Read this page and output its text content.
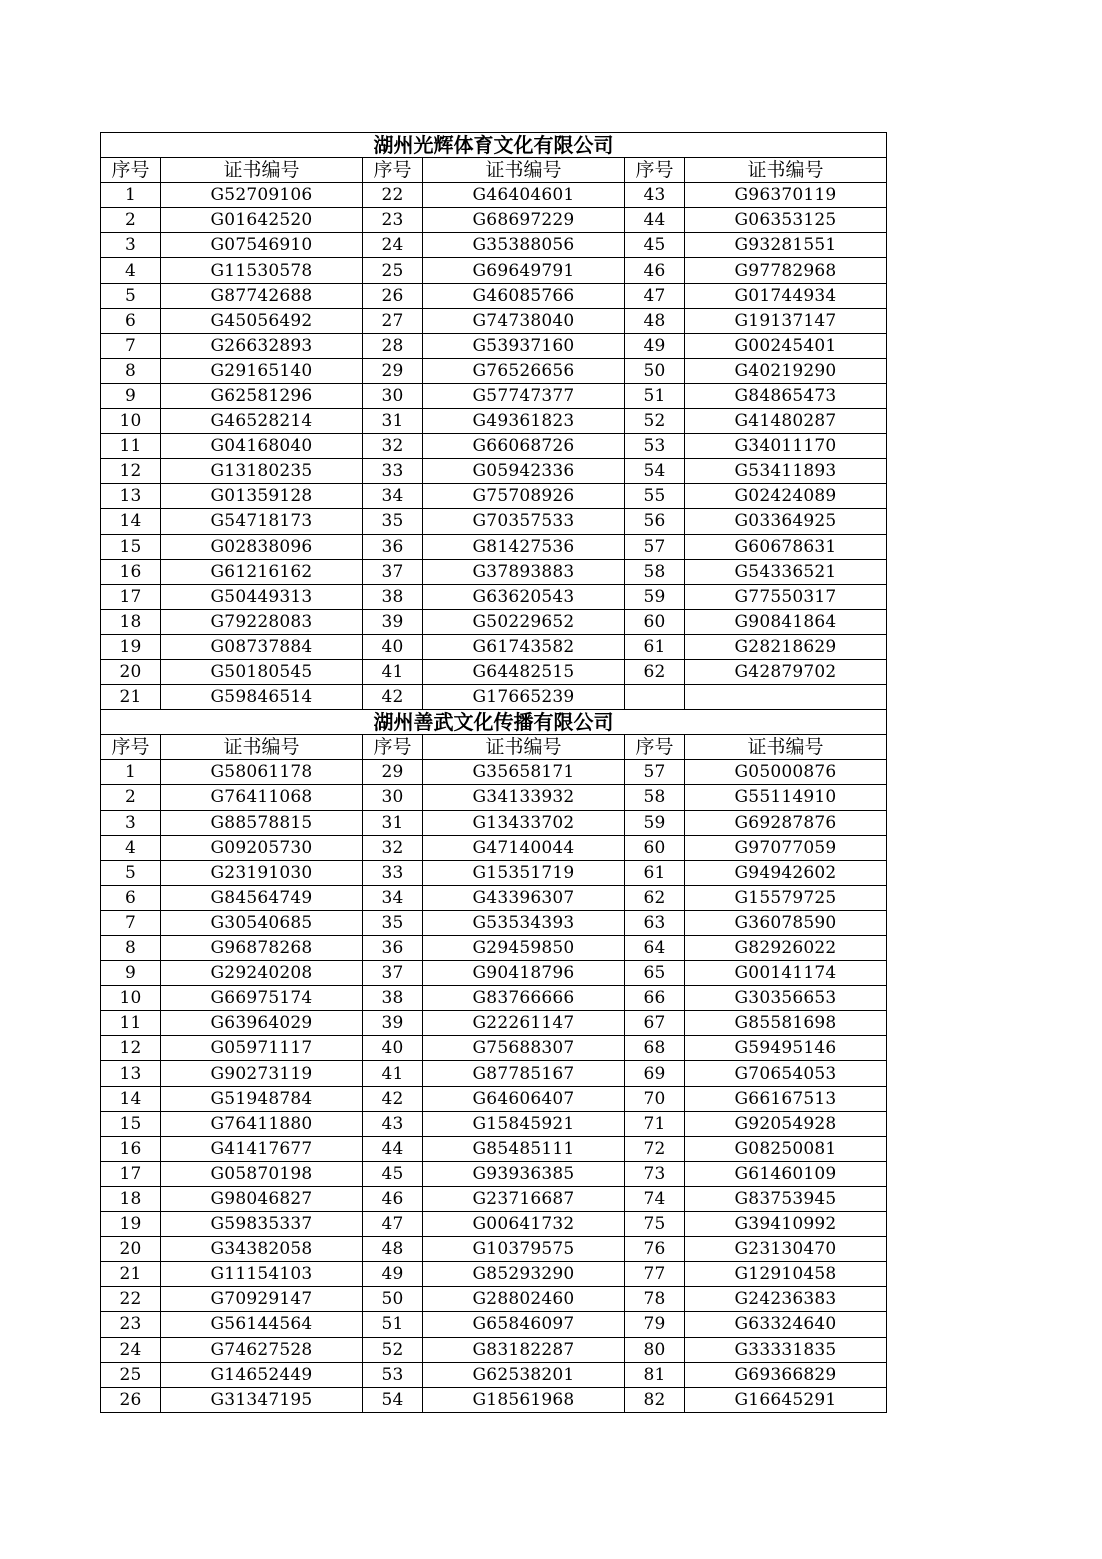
湖州光辉体育文化有限公司					
序号	证书编号	序号	证书编号	序号	证书编号
1	G52709106	22	G46404601	43	G96370119
2	G01642520	23	G68697229	44	G06353125
3	G07546910	24	G35388056	45	G93281551
4	G11530578	25	G69649791	46	G97782968
5	G87742688	26	G46085766	47	G01744934
6	G45056492	27	G74738040	48	G19137147
7	G26632893	28	G53937160	49	G00245401
8	G29165140	29	G76526656	50	G40219290
9	G62581296	30	G57747377	51	G84865473
10	G46528214	31	G49361823	52	G41480287
11	G04168040	32	G66068726	53	G34011170
12	G13180235	33	G05942336	54	G53411893
13	G01359128	34	G75708926	55	G02424089
14	G54718173	35	G70357533	56	G03364925
15	G02838096	36	G81427536	57	G60678631
16	G61216162	37	G37893883	58	G54336521
17	G50449313	38	G63620543	59	G77550317
18	G79228083	39	G50229652	60	G90841864
19	G08737884	40	G61743582	61	G28218629
20	G50180545	41	G64482515	62	G42879702
21	G59846514	42	G17665239		
湖州善武文化传播有限公司					
序号	证书编号	序号	证书编号	序号	证书编号
1	G58061178	29	G35658171	57	G05000876
2	G76411068	30	G34133932	58	G55114910
3	G88578815	31	G13433702	59	G69287876
4	G09205730	32	G47140044	60	G97077059
5	G23191030	33	G15351719	61	G94942602
6	G84564749	34	G43396307	62	G15579725
7	G30540685	35	G53534393	63	G36078590
8	G96878268	36	G29459850	64	G82926022
9	G29240208	37	G90418796	65	G00141174
10	G66975174	38	G83766666	66	G30356653
11	G63964029	39	G22261147	67	G85581698
12	G05971117	40	G75688307	68	G59495146
13	G90273119	41	G87785167	69	G70654053
14	G51948784	42	G64606407	70	G66167513
15	G76411880	43	G15845921	71	G92054928
16	G41417677	44	G85485111	72	G08250081
17	G05870198	45	G93936385	73	G61460109
18	G98046827	46	G23716687	74	G83753945
19	G59835337	47	G00641732	75	G39410992
20	G34382058	48	G10379575	76	G23130470
21	G11154103	49	G85293290	77	G12910458
22	G70929147	50	G28802460	78	G24236383
23	G56144564	51	G65846097	79	G63324640
24	G74627528	52	G83182287	80	G33331835
25	G14652449	53	G62538201	81	G69366829
26	G31347195	54	G18561968	82	G16645291
